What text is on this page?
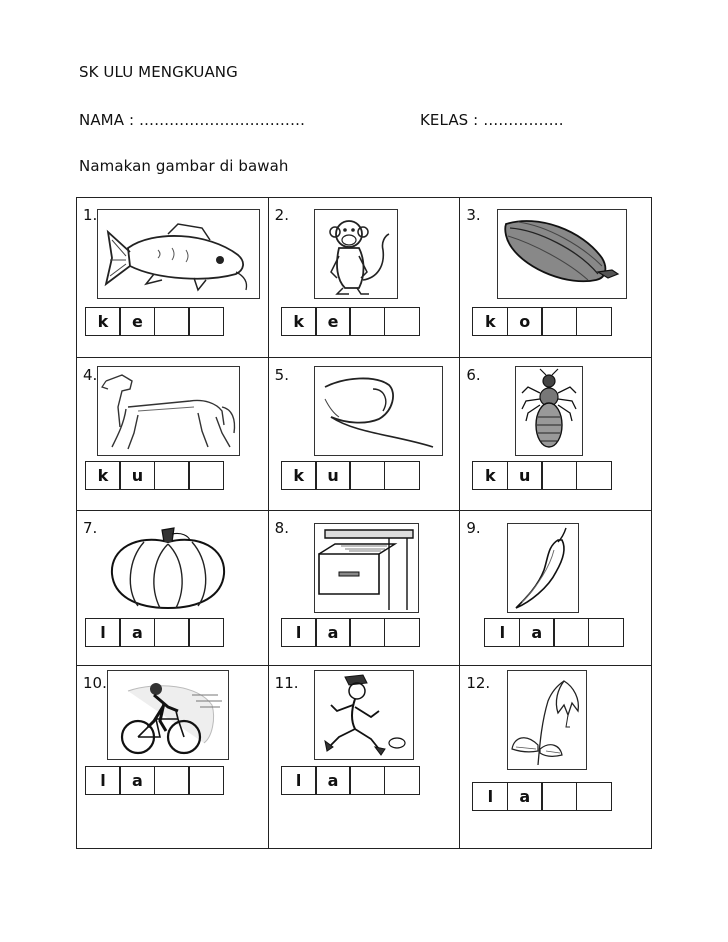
SK ULU MENGKUANG
NAMA : ……………………………	KELAS : …………….
Namakan gambar di bawah
1.
k e	2.
k e	3.
k o

4.
k u	5.
k u	6.
k u

7.
l a	8.
l a	9.
l a

10.
l a	11.
l a	12.
l a
